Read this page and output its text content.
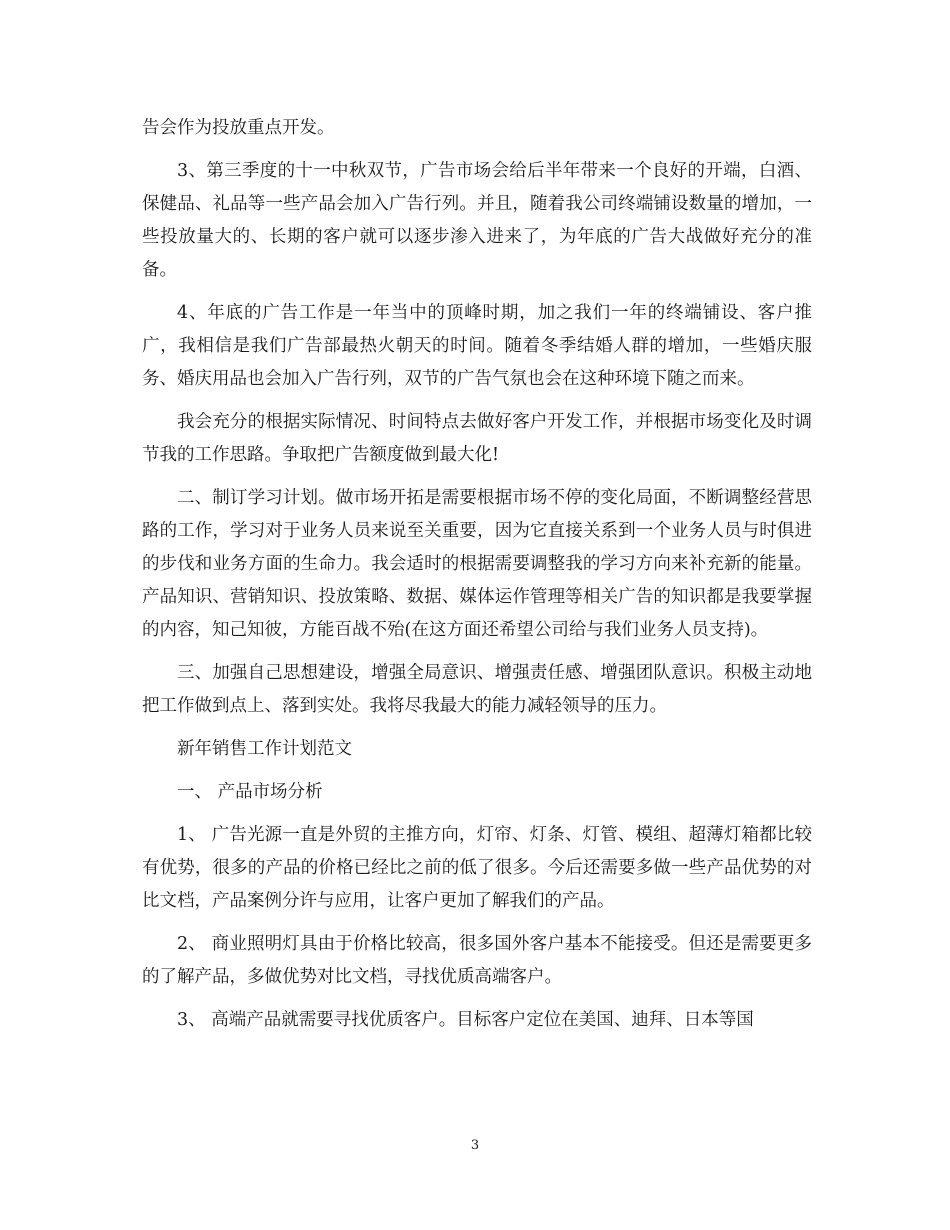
告会作为投放重点开发。

3、第三季度的十一中秋双节，广告市场会给后半年带来一个良好的开端，白酒、保健品、礼品等一些产品会加入广告行列。并且，随着我公司终端铺设数量的增加，一些投放量大的、长期的客户就可以逐步渗入进来了，为年底的广告大战做好充分的准备。

4、年底的广告工作是一年当中的顶峰时期，加之我们一年的终端铺设、客户推广，我相信是我们广告部最热火朝天的时间。随着冬季结婚人群的增加，一些婚庆服务、婚庆用品也会加入广告行列，双节的广告气氛也会在这种环境下随之而来。

我会充分的根据实际情况、时间特点去做好客户开发工作，并根据市场变化及时调节我的工作思路。争取把广告额度做到最大化!

二、制订学习计划。做市场开拓是需要根据市场不停的变化局面，不断调整经营思路的工作，学习对于业务人员来说至关重要，因为它直接关系到一个业务人员与时俱进的步伐和业务方面的生命力。我会适时的根据需要调整我的学习方向来补充新的能量。产品知识、营销知识、投放策略、数据、媒体运作管理等相关广告的知识都是我要掌握的内容，知己知彼，方能百战不殆(在这方面还希望公司给与我们业务人员支持)。

三、加强自己思想建设，增强全局意识、增强责任感、增强团队意识。积极主动地把工作做到点上、落到实处。我将尽我最大的能力减轻领导的压力。

新年销售工作计划范文

一、 产品市场分析

1、 广告光源一直是外贸的主推方向，灯帘、灯条、灯管、模组、超薄灯箱都比较有优势，很多的产品的价格已经比之前的低了很多。今后还需要多做一些产品优势的对比文档，产品案例分许与应用，让客户更加了解我们的产品。

2、 商业照明灯具由于价格比较高，很多国外客户基本不能接受。但还是需要更多的了解产品，多做优势对比文档，寻找优质高端客户。

3、 高端产品就需要寻找优质客户。目标客户定位在美国、迪拜、日本等国

3
